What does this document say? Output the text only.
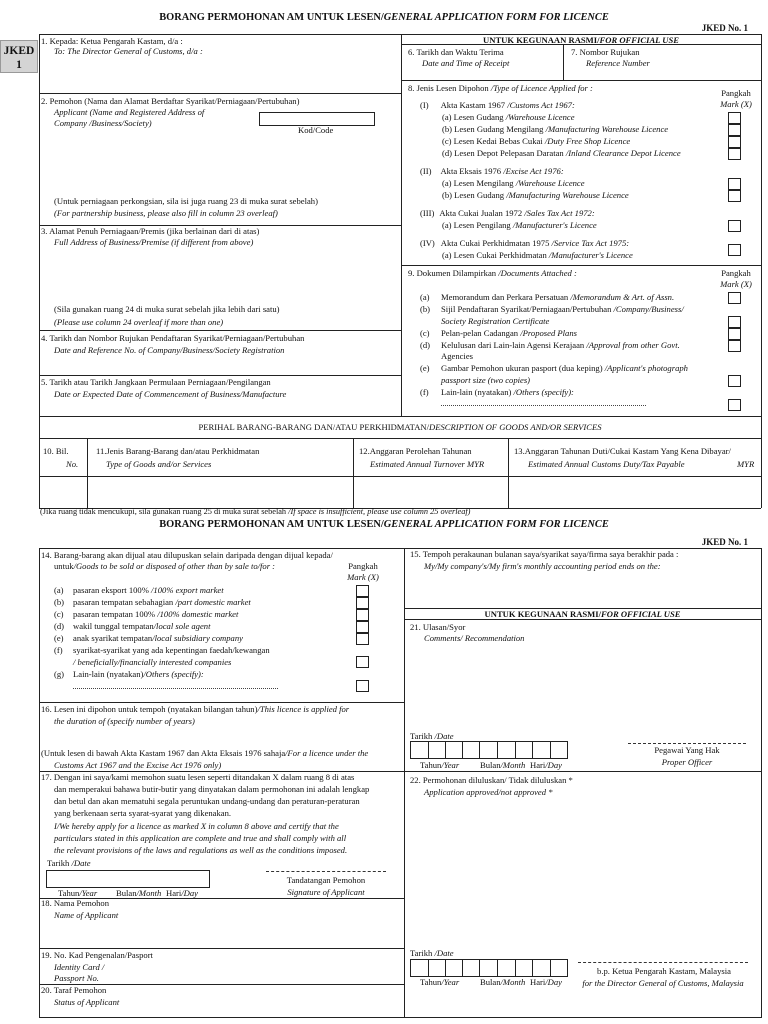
BORANG PERMOHONAN AM UNTUK LESEN/GENERAL APPLICATION FORM FOR LICENCE
JKED No. 1
JKED
1
1. Kepada: Ketua Pengarah Kastam, d/a :
To: The Director General of Customs, d/a :
UNTUK KEGUNAAN RASMI/FOR OFFICIAL USE
6. Tarikh dan Waktu Terima
Date and Time of Receipt
7. Nombor Rujukan
Reference Number
2. Pemohon (Nama dan Alamat Berdaftar Syarikat/Perniagaan/Pertubuhan)
Applicant (Name and Registered Address of
Company /Business/Society)
Kod/Code
(Untuk perniagaan perkongsian, sila isi juga ruang 23 di muka surat sebelah)
(For partnership business, please also fill in column 23 overleaf)
3. Alamat Penuh Perniagaan/Premis (jika berlainan dari di atas)
Full Address of Business/Premise (if different from above)
(Sila gunakan ruang 24 di muka surat sebelah jika lebih dari satu)
(Please use column 24 overleaf if more than one)
4. Tarikh dan Nombor Rujukan Pendaftaran Syarikat/Perniagaan/Pertubuhan
Date and Reference No. of Company/Business/Society Registration
5. Tarikh atau Tarikh Jangkaan Permulaan Perniagaan/Pengilangan
Date or Expected Date of Commencement of Business/Manufacture
8. Jenis Lesen Dipohon /Type of Licence Applied for :	Pangkah
Mark (X)
(I) Akta Kastam 1967 /Customs Act 1967:
(a) Lesen Gudang /Warehouse Licence
(b) Lesen Gudang Mengilang /Manufacturing Warehouse Licence
(c) Lesen Kedai Bebas Cukai /Duty Free Shop Licence
(d) Lesen Depot Pelepasan Daratan /Inland Clearance Depot Licence
(II) Akta Eksais 1976 /Excise Act 1976:
(a) Lesen Mengilang /Warehouse Licence
(b) Lesen Gudang /Manufacturing Warehouse Licence
(III) Akta Cukai Jualan 1972 /Sales Tax Act 1972:
(a) Lesen Pengilang /Manufacturer's Licence
(IV) Akta Cukai Perkhidmatan 1975 /Service Tax Act 1975:
(a) Lesen Cukai Perkhidmatan /Manufacturer's Licence
9. Dokumen Dilampirkan /Documents Attached :	Pangkah
Mark (X)
(a) Memorandum dan Perkara Persatuan /Memorandum & Art. of Assn.
(b) Sijil Pendaftaran Syarikat/Perniagaan/Pertubuhan /Company/Business/
Society Registration Certificate
(c) Pelan-pelan Cadangan /Proposed Plans
(d) Kelulusan dari Lain-lain Agensi Kerajaan /Approval from other Govt.
Agencies
(e) Gambar Pemohon ukuran pasport (dua keping) /Applicant's photograph
passport size (two copies)
(f) Lain-lain (nyatakan) /Others (specify):
PERIHAL BARANG-BARANG DAN/ATAU PERKHIDMATAN/DESCRIPTION OF GOODS AND/OR SERVICES
10. Bil.
No.
11.Jenis Barang-Barang dan/atau Perkhidmatan
Type of Goods and/or Services
12.Anggaran Perolehan Tahunan
Estimated Annual Turnover MYR
13.Anggaran Tahunan Duti/Cukai Kastam Yang Kena Dibayar/
Estimated Annual Customs Duty/Tax Payable	MYR
(Jika ruang tidak mencukupi, sila gunakan ruang 25 di muka surat sebelah /If space is insufficient, please use column 25 overleaf)
BORANG PERMOHONAN AM UNTUK LESEN/GENERAL APPLICATION FORM FOR LICENCE
JKED No. 1
14. Barang-barang akan dijual atau dilupuskan selain daripada dengan dijual kepada/
untuk/Goods to be sold or disposed of other than by sale to/for :	Pangkah
Mark (X)
(a) pasaran eksport 100% /100% export market
(b) pasaran tempatan sebahagian /part domestic market
(c) pasaran tempatan 100% /100% domestic market
(d) wakil tunggal tempatan/local sole agent
(e) anak syarikat tempatan/local subsidiary company
(f) syarikat-syarikat yang ada kepentingan faedah/kewangan
/ beneficially/financially interested companies
(g) Lain-lain (nyatakan)/Others (specify):
15. Tempoh perakaunan bulanan saya/syarikat saya/firma saya berakhir pada :
My/My company's/My firm's monthly accounting period ends on the:
UNTUK KEGUNAAN RASMI/FOR OFFICIAL USE
21. Ulasan/Syor
Comments/ Recommendation
Tarikh /Date
Tahun/Year Bulan/Month Hari/Day
Pegawai Yang Hak
Proper Officer
16. Lesen ini dipohon untuk tempoh (nyatakan bilangan tahun)/This licence is applied for
the duration of (specify number of years)
(Untuk lesen di bawah Akta Kastam 1967 dan Akta Eksais 1976 sahaja/For a licence under the
Customs Act 1967 and the Excise Act 1976 only)
17. Dengan ini saya/kami memohon suatu lesen seperti ditandakan X dalam ruang 8 di atas
dan memperakui bahawa butir-butir yang dinyatakan dalam permohonan ini adalah lengkap
dan betul dan akan mematuhi segala peruntukan undang-undang dan peraturan-peraturan
yang berkenaan serta syarat-syarat yang dikenakan.
I/We hereby apply for a licence as marked X in column 8 above and certify that the
particulars stated in this application are complete and true and shall comply with all
the relevant provisions of the laws and regulations as well as the conditions imposed.
Tarikh /Date
Tahun/Year Bulan/Month Hari/Day
Tandatangan Pemohon
Signature of Applicant
22. Permohonan diluluskan/ Tidak diluluskan *
Application approved/not approved *
18. Nama Pemohon
Name of Applicant
19. No. Kad Pengenalan/Pasport
Identity Card /
Passport No.
20. Taraf Pemohon
Status of Applicant
Tarikh /Date
Tahun/Year Bulan/Month Hari/Day
b.p. Ketua Pengarah Kastam, Malaysia
for the Director General of Customs, Malaysia
